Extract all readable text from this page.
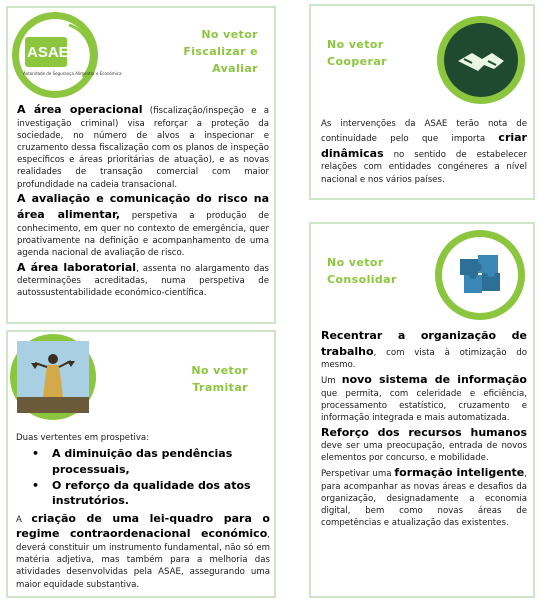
ASAE
Autoridade de Segurança Alimentar e Económica
No vetor
Fiscalizar e
Avaliar

A área operacional (fiscalização/inspeção e a investigação criminal) visa reforçar a proteção da sociedade, no número de alvos a inspecionar e cruzamento dessa fiscalização com os planos de inspeção específicos e áreas prioritárias de atuação), e as novas realidades de transação comercial com maior profundidade na cadeia transacional.

A avaliação e comunicação do risco na área alimentar, perspetiva a produção de conhecimento, em quer no contexto de emergência, quer proativamente na definição e acompanhamento de uma agenda nacional de avaliação de risco.

A área laboratorial, assenta no alargamento das determinações acreditadas, numa perspetiva de autossustentabilidade económico-científica.

No vetor
Cooperar

As intervenções da ASAE terão nota de continuidade pelo que importa criar dinâmicas no sentido de estabelecer relações com entidades congéneres a nível nacional e nos vários países.

No vetor
Consolidar

Recentrar a organização de trabalho, com vista à otimização do mesmo.

Um novo sistema de informação que permita, com celeridade e eficiência, processamento estatístico, cruzamento e informação integrada e mais automatizada.

Reforço dos recursos humanos deve ser uma preocupação, entrada de novos elementos por concurso, e mobilidade.

Perspetivar uma formação inteligente, para acompanhar as novas áreas e desafios da organização, designadamente a economia digital, bem como novas áreas de competências e atualização das existentes.

No vetor
Tramitar

Duas vertentes em prospetiva:

• A diminuição das pendências processuais,
• O reforço da qualidade dos atos instrutórios.

A criação de uma lei-quadro para o regime contraordenacional económico, deverá constituir um instrumento fundamental, não só em matéria adjetiva, mas também para a melhoria das atividades desenvolvidas pela ASAE, assegurando uma maior equidade substantiva.
